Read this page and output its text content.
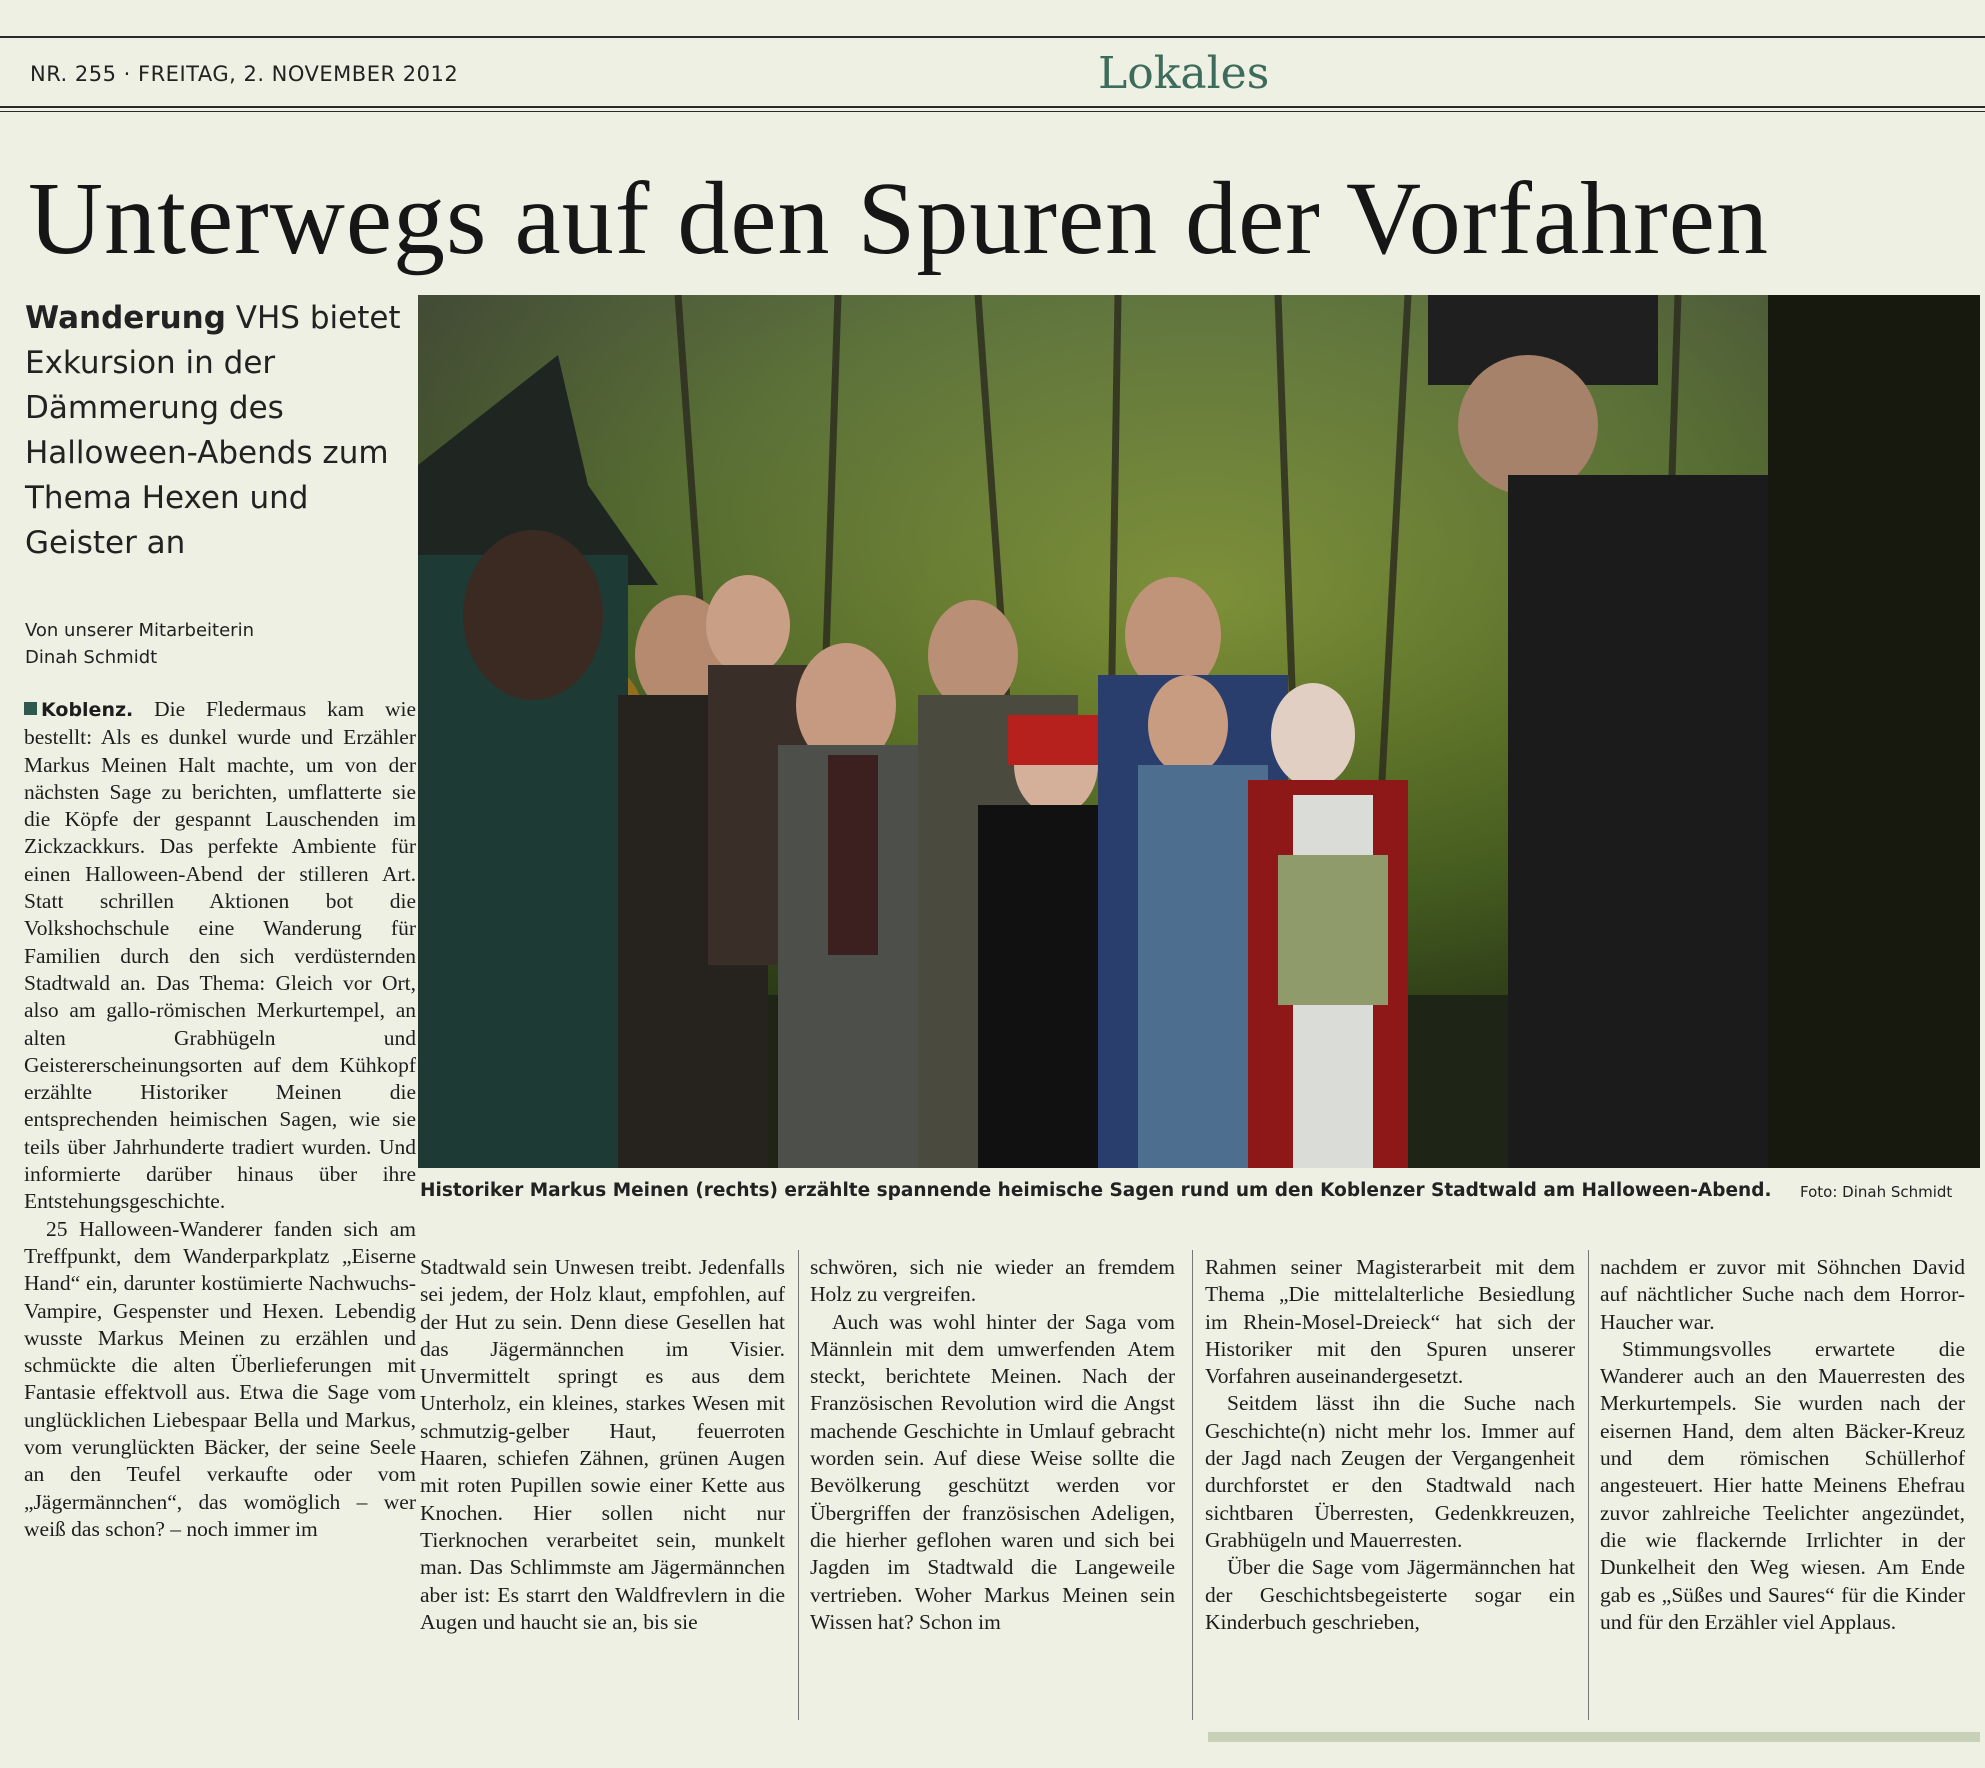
NR. 255 · FREITAG, 2. NOVEMBER 2012	Lokales
Unterwegs auf den Spuren der Vorfahren
Wanderung VHS bietet Exkursion in der Dämmerung des Halloween-Abends zum Thema Hexen und Geister an
Von unserer Mitarbeiterin
Dinah Schmidt

Koblenz. Die Fledermaus kam wie bestellt: Als es dunkel wurde und Erzähler Markus Meinen Halt machte, um von der nächsten Sage zu berichten, umflatterte sie die Köpfe der gespannt Lauschenden im Zickzackkurs. Das perfekte Ambiente für einen Halloween-Abend der stilleren Art. Statt schrillen Aktionen bot die Volkshochschule eine Wanderung für Familien durch den sich verdüsternden Stadtwald an. Das Thema: Gleich vor Ort, also am gallo-römischen Merkurtempel, an alten Grabhügeln und Geistererscheinungsorten auf dem Kühkopf erzählte Historiker Meinen die entsprechenden heimischen Sagen, wie sie teils über Jahrhunderte tradiert wurden. Und informierte darüber hinaus über ihre Entstehungsgeschichte.

25 Halloween-Wanderer fanden sich am Treffpunkt, dem Wanderparkplatz „Eiserne Hand“ ein, darunter kostümierte Nachwuchs-Vampire, Gespenster und Hexen. Lebendig wusste Markus Meinen zu erzählen und schmückte die alten Überlieferungen mit Fantasie effektvoll aus. Etwa die Sage vom unglücklichen Liebespaar Bella und Markus, vom verunglückten Bäcker, der seine Seele an den Teufel verkaufte oder vom „Jägermännchen“, das womöglich – wer weiß das schon? – noch immer im

Historiker Markus Meinen (rechts) erzählte spannende heimische Sagen rund um den Koblenzer Stadtwald am Halloween-Abend. Foto: Dinah Schmidt

Stadtwald sein Unwesen treibt. Jedenfalls sei jedem, der Holz klaut, empfohlen, auf der Hut zu sein. Denn diese Gesellen hat das Jägermännchen im Visier. Unvermittelt springt es aus dem Unterholz, ein kleines, starkes Wesen mit schmutzig-gelber Haut, feuerroten Haaren, schiefen Zähnen, grünen Augen mit roten Pupillen sowie einer Kette aus Knochen. Hier sollen nicht nur Tierknochen verarbeitet sein, munkelt man. Das Schlimmste am Jägermännchen aber ist: Es starrt den Waldfrevlern in die Augen und haucht sie an, bis sie

schwören, sich nie wieder an fremdem Holz zu vergreifen.

Auch was wohl hinter der Saga vom Männlein mit dem umwerfenden Atem steckt, berichtete Meinen. Nach der Französischen Revolution wird die Angst machende Geschichte in Umlauf gebracht worden sein. Auf diese Weise sollte die Bevölkerung geschützt werden vor Übergriffen der französischen Adeligen, die hierher geflohen waren und sich bei Jagden im Stadtwald die Langeweile vertrieben. Woher Markus Meinen sein Wissen hat? Schon im

Rahmen seiner Magisterarbeit mit dem Thema „Die mittelalterliche Besiedlung im Rhein-Mosel-Dreieck“ hat sich der Historiker mit den Spuren unserer Vorfahren auseinandergesetzt.

Seitdem lässt ihn die Suche nach Geschichte(n) nicht mehr los. Immer auf der Jagd nach Zeugen der Vergangenheit durchforstet er den Stadtwald nach sichtbaren Überresten, Gedenkkreuzen, Grabhügeln und Mauerresten.

Über die Sage vom Jägermännchen hat der Geschichtsbegeisterte sogar ein Kinderbuch geschrieben,

nachdem er zuvor mit Söhnchen David auf nächtlicher Suche nach dem Horror-Haucher war.

Stimmungsvolles erwartete die Wanderer auch an den Mauerresten des Merkurtempels. Sie wurden nach der eisernen Hand, dem alten Bäcker-Kreuz und dem römischen Schüllerhof angesteuert. Hier hatte Meinens Ehefrau zuvor zahlreiche Teelichter angezündet, die wie flackernde Irrlichter in der Dunkelheit den Weg wiesen. Am Ende gab es „Süßes und Saures“ für die Kinder und für den Erzähler viel Applaus.
